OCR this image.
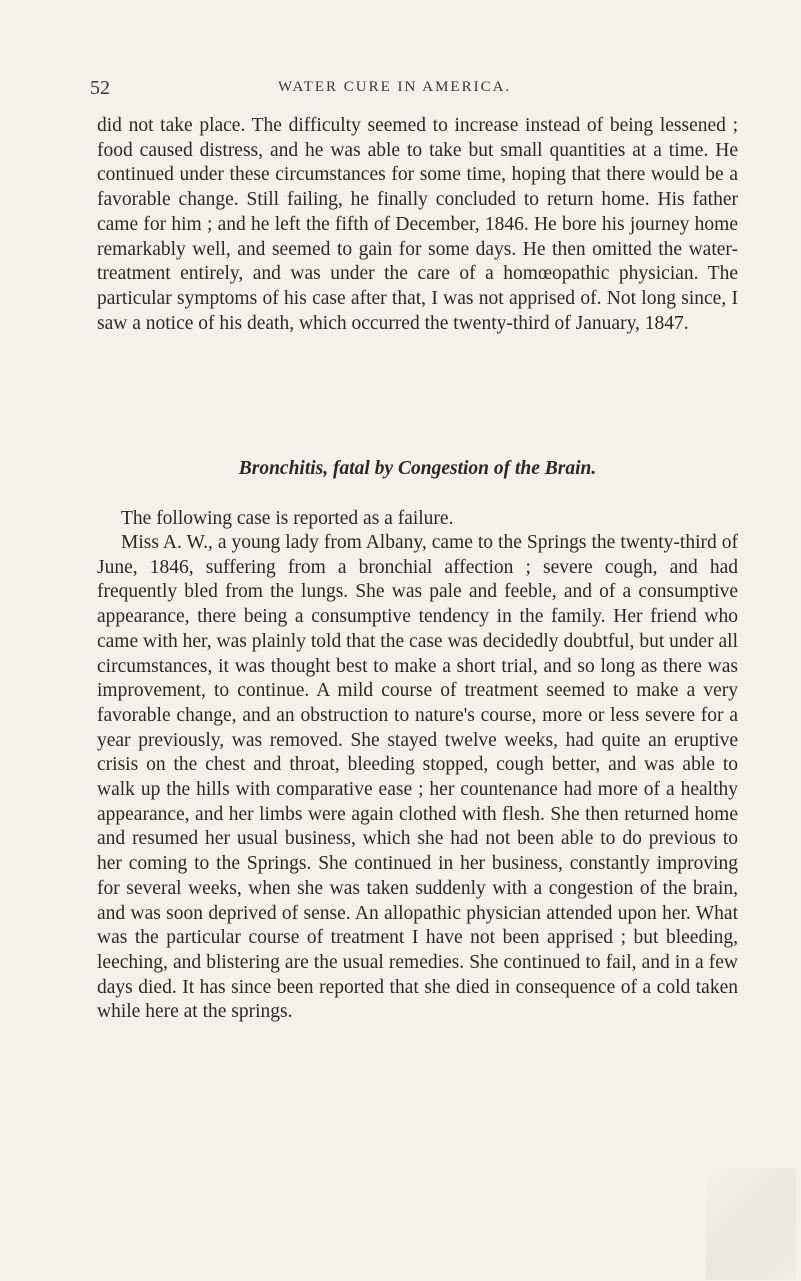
52	WATER CURE IN AMERICA.

did not take place. The difficulty seemed to increase instead of being lessened ; food caused distress, and he was able to take but small quantities at a time. He continued under these circumstances for some time, hoping that there would be a favorable change. Still failing, he finally concluded to return home. His father came for him ; and he left the fifth of December, 1846. He bore his journey home remarkably well, and seemed to gain for some days. He then omitted the water-treatment entirely, and was under the care of a homœopathic physician. The particular symptoms of his case after that, I was not apprised of. Not long since, I saw a notice of his death, which occurred the twenty-third of January, 1847.

Bronchitis, fatal by Congestion of the Brain.

The following case is reported as a failure.

Miss A. W., a young lady from Albany, came to the Springs the twenty-third of June, 1846, suffering from a bronchial affection ; severe cough, and had frequently bled from the lungs. She was pale and feeble, and of a consumptive appearance, there being a consumptive tendency in the family. Her friend who came with her, was plainly told that the case was decidedly doubtful, but under all circumstances, it was thought best to make a short trial, and so long as there was improvement, to continue. A mild course of treatment seemed to make a very favorable change, and an obstruction to nature's course, more or less severe for a year previously, was removed. She stayed twelve weeks, had quite an eruptive crisis on the chest and throat, bleeding stopped, cough better, and was able to walk up the hills with comparative ease ; her countenance had more of a healthy appearance, and her limbs were again clothed with flesh. She then returned home and resumed her usual business, which she had not been able to do previous to her coming to the Springs. She continued in her business, constantly improving for several weeks, when she was taken suddenly with a congestion of the brain, and was soon deprived of sense. An allopathic physician attended upon her. What was the particular course of treatment I have not been apprised ; but bleeding, leeching, and blistering are the usual remedies. She continued to fail, and in a few days died. It has since been reported that she died in consequence of a cold taken while here at the springs.
